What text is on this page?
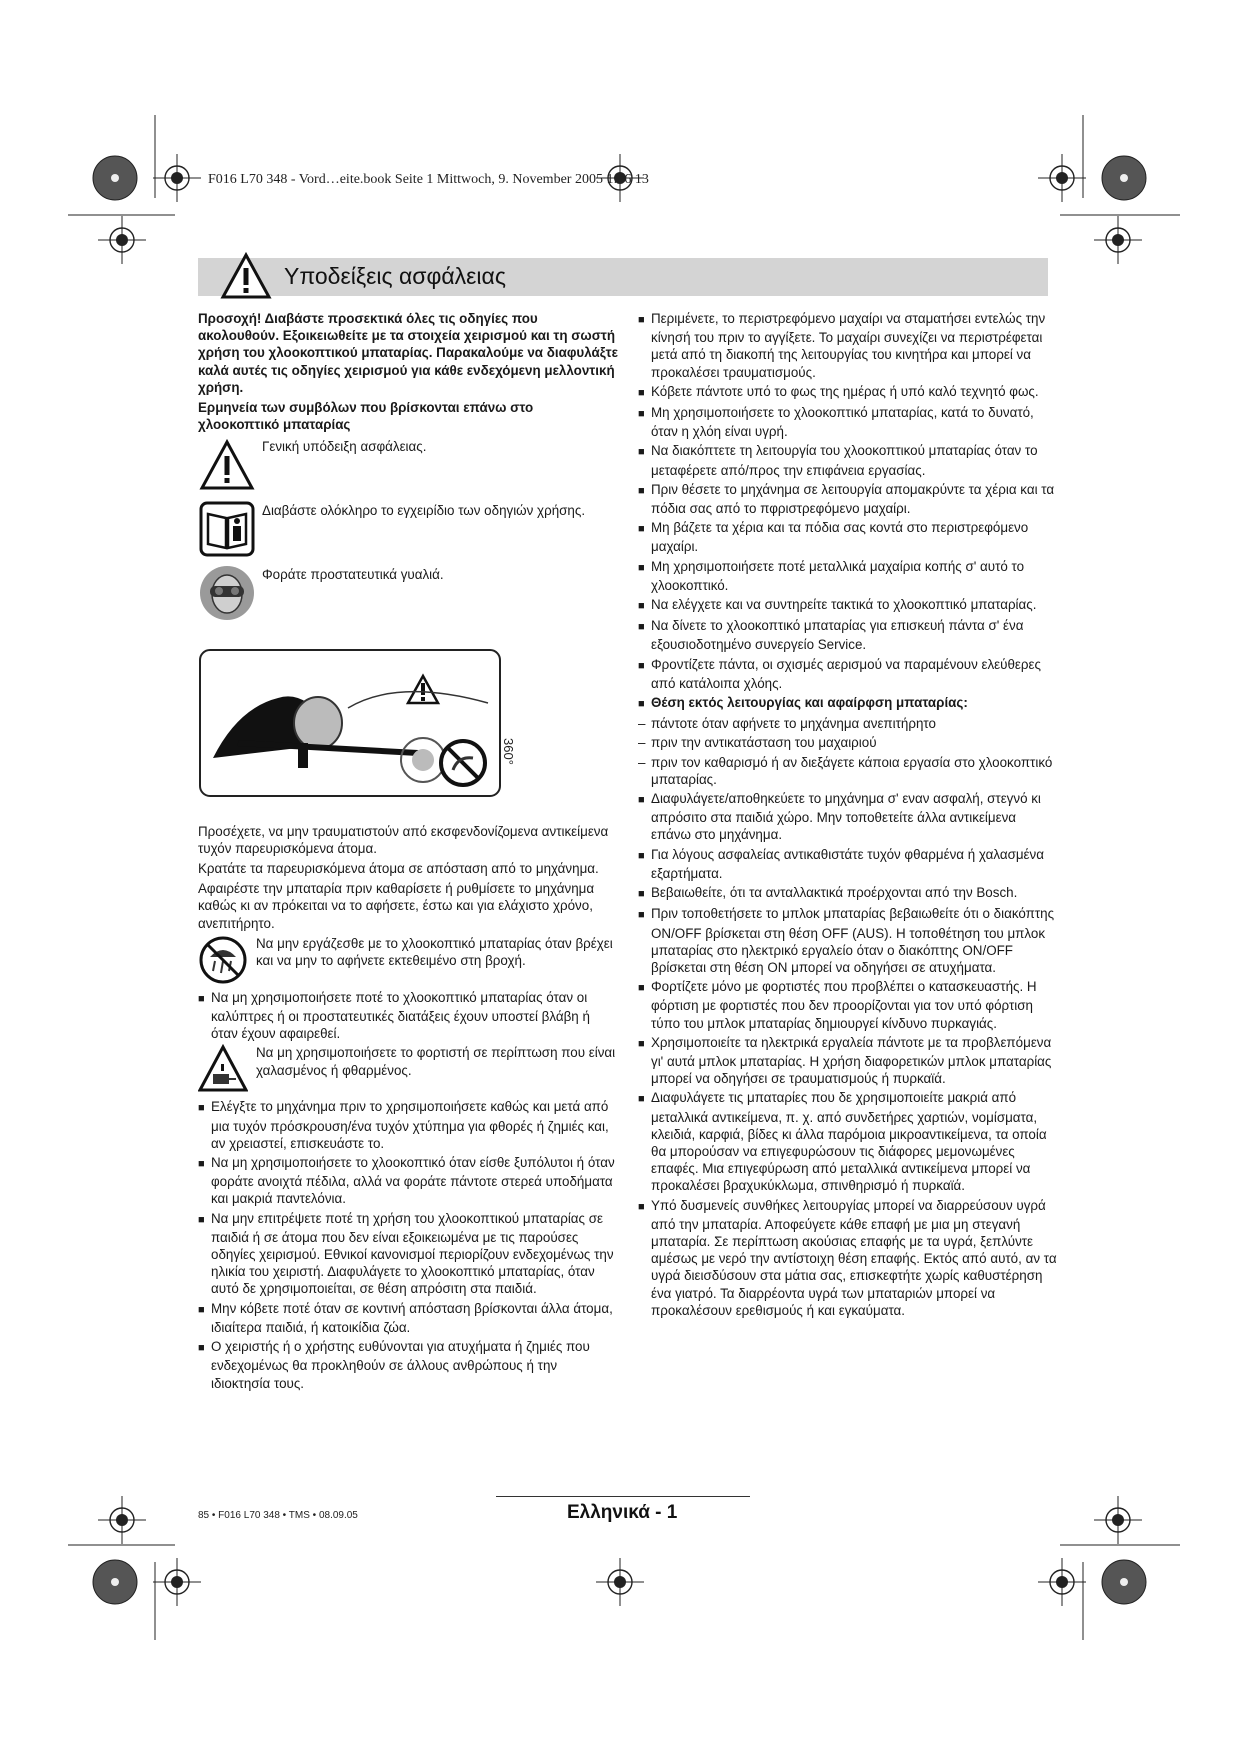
F016 L70 348 - Vord…eite.book Seite 1 Mittwoch, 9. November 2005 1:46 13
Υποδείξεις ασφάλειας

Προσοχή! Διαβάστε προσεκτικά όλες τις οδηγίες που ακολουθούν. Εξοικειωθείτε με τα στοιχεία χειρισμού και τη σωστή χρήση του χλοοκοπτικού μπαταρίας. Παρακαλούμε να διαφυλάξτε καλά αυτές τις οδηγίες χειρισμού για κάθε ενδεχόμενη μελλοντική χρήση.

Ερμηνεία των συμβόλων που βρίσκονται επάνω στο χλοοκοπτικό μπαταρίας

Γενική υπόδειξη ασφάλειας.
Διαβάστε ολόκληρο το εγχειρίδιο των οδηγιών χρήσης.
Φοράτε προστατευτικά γυαλιά.
360°

Προσέχετε, να μην τραυματιστούν από εκσφενδονίζομενα αντικείμενα τυχόν παρευρισκόμενα άτομα.

Κρατάτε τα παρευρισκόμενα άτομα σε απόσταση από το μηχάνημα.

Αφαιρέστε την μπαταρία πριν καθαρίσετε ή ρυθμίσετε το μηχάνημα καθώς κι αν πρόκειται να το αφήσετε, έστω και για ελάχιστο χρόνο, ανεπιτήρητο.

Να μην εργάζεσθε με το χλοοκοπτικό μπαταρίας όταν βρέχει και να μην το αφήνετε εκτεθειμένο στη βροχή.

■ Να μη χρησιμοποιήσετε ποτέ το χλοοκοπτικό μπαταρίας όταν οι καλύπτρες ή οι προστατευτικές διατάξεις έχουν υποστεί βλάβη ή όταν έχουν αφαιρεθεί.

Να μη χρησιμοποιήσετε το φορτιστή σε περίπτωση που είναι χαλασμένος ή φθαρμένος.

■ Ελέγξτε το μηχάνημα πριν το χρησιμοποιήσετε καθώς και μετά από μια τυχόν πρόσκρουση/ένα τυχόν χτύπημα για φθορές ή ζημιές και, αν χρειαστεί, επισκευάστε το.

■ Να μη χρησιμοποιήσετε το χλοοκοπτικό όταν είσθε ξυπόλυτοι ή όταν φοράτε ανοιχτά πέδιλα, αλλά να φοράτε πάντοτε στερεά υποδήματα και μακριά παντελόνια.

■ Να μην επιτρέψετε ποτέ τη χρήση του χλοοκοπτικού μπαταρίας σε παιδιά ή σε άτομα που δεν είναι εξοικειωμένα με τις παρούσες οδηγίες χειρισμού. Εθνικοί κανονισμοί περιορίζουν ενδεχομένως την ηλικία του χειριστή. Διαφυλάγετε το χλοοκοπτικό μπαταρίας, όταν αυτό δε χρησιμοποιείται, σε θέση απρόσιτη στα παιδιά.

■ Μην κόβετε ποτέ όταν σε κοντινή απόσταση βρίσκονται άλλα άτομα, ιδιαίτερα παιδιά, ή κατοικίδια ζώα.

■ Ο χειριστής ή ο χρήστης ευθύνονται για ατυχήματα ή ζημιές που ενδεχομένως θα προκληθούν σε άλλους ανθρώπους ή την ιδιοκτησία τους.

■ Περιμένετε, το περιστρεφόμενο μαχαίρι να σταματήσει εντελώς την κίνησή του πριν το αγγίξετε. Το μαχαίρι συνεχίζει να περιστρέφεται μετά από τη διακοπή της λειτουργίας του κινητήρα και μπορεί να προκαλέσει τραυματισμούς.

■ Κόβετε πάντοτε υπό το φως της ημέρας ή υπό καλό τεχνητό φως.

■ Μη χρησιμοποιήσετε το χλοοκοπτικό μπαταρίας, κατά το δυνατό, όταν η χλόη είναι υγρή.

■ Να διακόπτετε τη λειτουργία του χλοοκοπτικού μπαταρίας όταν το μεταφέρετε από/προς την επιφάνεια εργασίας.

■ Πριν θέσετε το μηχάνημα σε λειτουργία απομακρύντε τα χέρια και τα πόδια σας από το πφριστρεφόμενο μαχαίρι.

■ Μη βάζετε τα χέρια και τα πόδια σας κοντά στο περιστρεφόμενο μαχαίρι.

■ Μη χρησιμοποιήσετε ποτέ μεταλλικά μαχαίρια κοπής σ' αυτό το χλοοκοπτικό.

■ Να ελέγχετε και να συντηρείτε τακτικά το χλοοκοπτικό μπαταρίας.

■ Να δίνετε το χλοοκοπτικό μπαταρίας για επισκευή πάντα σ' ένα εξουσιοδοτημένο συνεργείο Service.

■ Φροντίζετε πάντα, οι σχισμές αερισμού να παραμένουν ελεύθερες από κατάλοιπα χλόης.

■ Θέση εκτός λειτουργίας και αφαίρφση μπαταρίας:

– πάντοτε όταν αφήνετε το μηχάνημα ανεπιτήρητο

– πριν την αντικατάσταση του μαχαιριού

– πριν τον καθαρισμό ή αν διεξάγετε κάποια εργασία στο χλοοκοπτικό μπαταρίας.

■ Διαφυλάγετε/αποθηκεύετε το μηχάνημα σ' εναν ασφαλή, στεγνό κι απρόσιτο στα παιδιά χώρο. Μην τοποθετείτε άλλα αντικείμενα επάνω στο μηχάνημα.

■ Για λόγους ασφαλείας αντικαθιστάτε τυχόν φθαρμένα ή χαλασμένα εξαρτήματα.

■ Βεβαιωθείτε, ότι τα ανταλλακτικά προέρχονται από την Bosch.

■ Πριν τοποθετήσετε το μπλοκ μπαταρίας βεβαιωθείτε ότι ο διακόπτης ON/OFF βρίσκεται στη θέση OFF (AUS). Η τοποθέτηση του μπλοκ μπαταρίας στο ηλεκτρικό εργαλείο όταν ο διακόπτης ON/OFF βρίσκεται στη θέση ON μπορεί να οδηγήσει σε ατυχήματα.

■ Φορτίζετε μόνο με φορτιστές που προβλέπει ο κατασκευαστής. Η φόρτιση με φορτιστές που δεν προορίζονται για τον υπό φόρτιση τύπο του μπλοκ μπαταρίας δημιουργεί κίνδυνο πυρκαγιάς.

■ Χρησιμοποιείτε τα ηλεκτρικά εργαλεία πάντοτε με τα προβλεπόμενα γι' αυτά μπλοκ μπαταρίας. Η χρήση διαφορετικών μπλοκ μπαταρίας μπορεί να οδηγήσει σε τραυματισμούς ή πυρκαϊά.

■ Διαφυλάγετε τις μπαταρίες που δε χρησιμοποιείτε μακριά από μεταλλικά αντικείμενα, π. χ. από συνδετήρες χαρτιών, νομίσματα, κλειδιά, καρφιά, βίδες κι άλλα παρόμοια μικροαντικείμενα, τα οποία θα μπορούσαν να επιγεφυρώσουν τις διάφορες μεμονωμένες επαφές. Μια επιγεφύρωση από μεταλλικά αντικείμενα μπορεί να προκαλέσει βραχυκύκλωμα, σπινθηρισμό ή πυρκαϊά.

■ Υπό δυσμενείς συνθήκες λειτουργίας μπορεί να διαρρεύσουν υγρά από την μπαταρία. Αποφεύγετε κάθε επαφή με μια μη στεγανή μπαταρία. Σε περίπτωση ακούσιας επαφής με τα υγρά, ξεπλύντε αμέσως με νερό την αντίστοιχη θέση επαφής. Εκτός από αυτό, αν τα υγρά διεισδύσουν στα μάτια σας, επισκεφτήτε χωρίς καθυστέρηση ένα γιατρό. Τα διαρρέοντα υγρά των μπαταριών μπορεί να προκαλέσουν ερεθισμούς ή και εγκαύματα.

85 • F016 L70 348 • TMS • 08.09.05	Ελληνικά - 1
